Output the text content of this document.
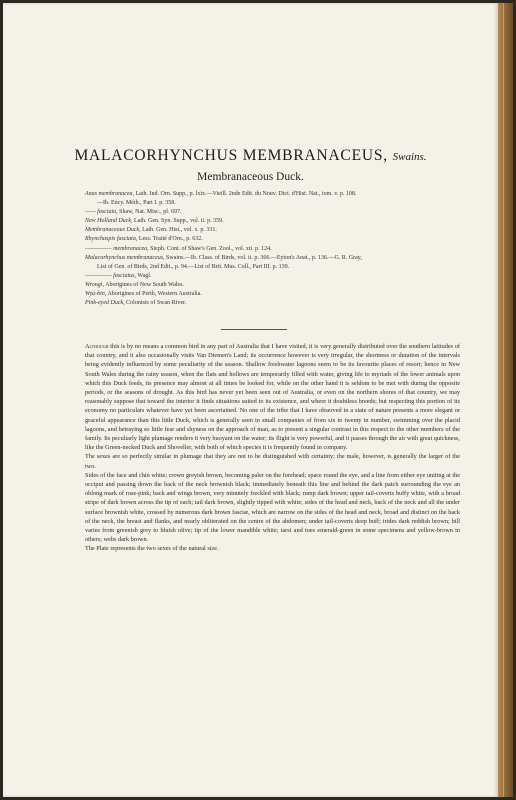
MALACORHYNCHUS MEMBRANACEUS, Swains.
Membranaceous Duck.
Anas membranacea, Lath. Ind. Orn. Supp., p. lxix.—Vieill. 2nde Edit. du Nouv. Dict. d'Hist. Nat., tom. v. p. 108.
—Ib. Ency. Méth., Part I. p. 358.
—— fasciata, Shaw, Nat. Misc., pl. 697.
New Holland Duck, Lath. Gen. Syn. Supp., vol. ii. p. 359.
Membranaceous Duck, Lath. Gen. Hist., vol. x. p. 331.
Rhynchaspis fasciata, Less. Traité d'Orn., p. 632.
————— membranacea, Steph. Cont. of Shaw's Gen. Zool., vol. xii. p. 124.
Malacorhynchus membranaceus, Swains.—Ib. Class. of Birds, vol. ii. p. 366.—Eyton's Anat., p. 136.—G. R. Gray,
List of Gen. of Birds, 2nd Edit., p. 94.—List of Brit. Mus. Coll., Part III. p. 139.
————— fasciatus, Wagl.
Wrongi, Aborigines of New South Wales.
Wyú-bin, Aborigines of Perth, Western Australia.
Pink-eyed Duck, Colonists of Swan River.

Although this is by no means a common bird in any part of Australia that I have visited, it is very generally distributed over the southern latitudes of that country, and it also occasionally visits Van Diemen's Land; its occurrence however is very irregular, the shortness or duration of the intervals being evidently influenced by some peculiarity of the season. Shallow freshwater lagoons seem to be its favourite places of resort; hence in New South Wales during the rainy season, when the flats and hollows are temporarily filled with water, giving life to myriads of the lower animals upon which this Duck feeds, its presence may almost at all times be looked for, while on the other hand it is seldom to be met with during the opposite periods, or the seasons of drought. As this bird has never yet been seen out of Australia, or even on the northern shores of that country, we may reasonably suppose that toward the interior it finds situations suited to its existence, and where it doubtless breeds; but respecting this portion of its economy no particulars whatever have yet been ascertained. No one of the tribe that I have observed in a state of nature presents a more elegant or graceful appearance than this little Duck, which is generally seen in small companies of from six to twenty in number, swimming over the placid lagoons, and betraying so little fear and shyness on the approach of man, as to present a singular contrast in this respect to the other members of the family. Its peculiarly light plumage renders it very buoyant on the water; its flight is very powerful, and it passes through the air with great quickness, like the Green-necked Duck and Shoveller, with both of which species it is frequently found in company.

The sexes are so perfectly similar in plumage that they are not to be distinguished with certainty; the male, however, is generally the larger of the two.

Sides of the face and chin white; crown greyish brown, becoming paler on the forehead; space round the eye, and a line from either eye uniting at the occiput and passing down the back of the neck brownish black; immediately beneath this line and behind the dark patch surrounding the eye an oblong mark of rose-pink; back and wings brown, very minutely freckled with black; rump dark brown; upper tail-coverts buffy white, with a broad stripe of dark brown across the tip of each; tail dark brown, slightly tipped with white; sides of the head and neck, back of the neck and all the under surface brownish white, crossed by numerous dark brown fasciæ, which are narrow on the sides of the head and neck, broad and distinct on the back of the neck, the breast and flanks, and nearly obliterated on the centre of the abdomen; under tail-coverts deep buff; irides dark reddish brown; bill varies from greenish grey to bluish olive; tip of the lower mandible white; tarsi and toes emerald-green in some specimens and yellow-brown in others; webs dark brown.

The Plate represents the two sexes of the natural size.
